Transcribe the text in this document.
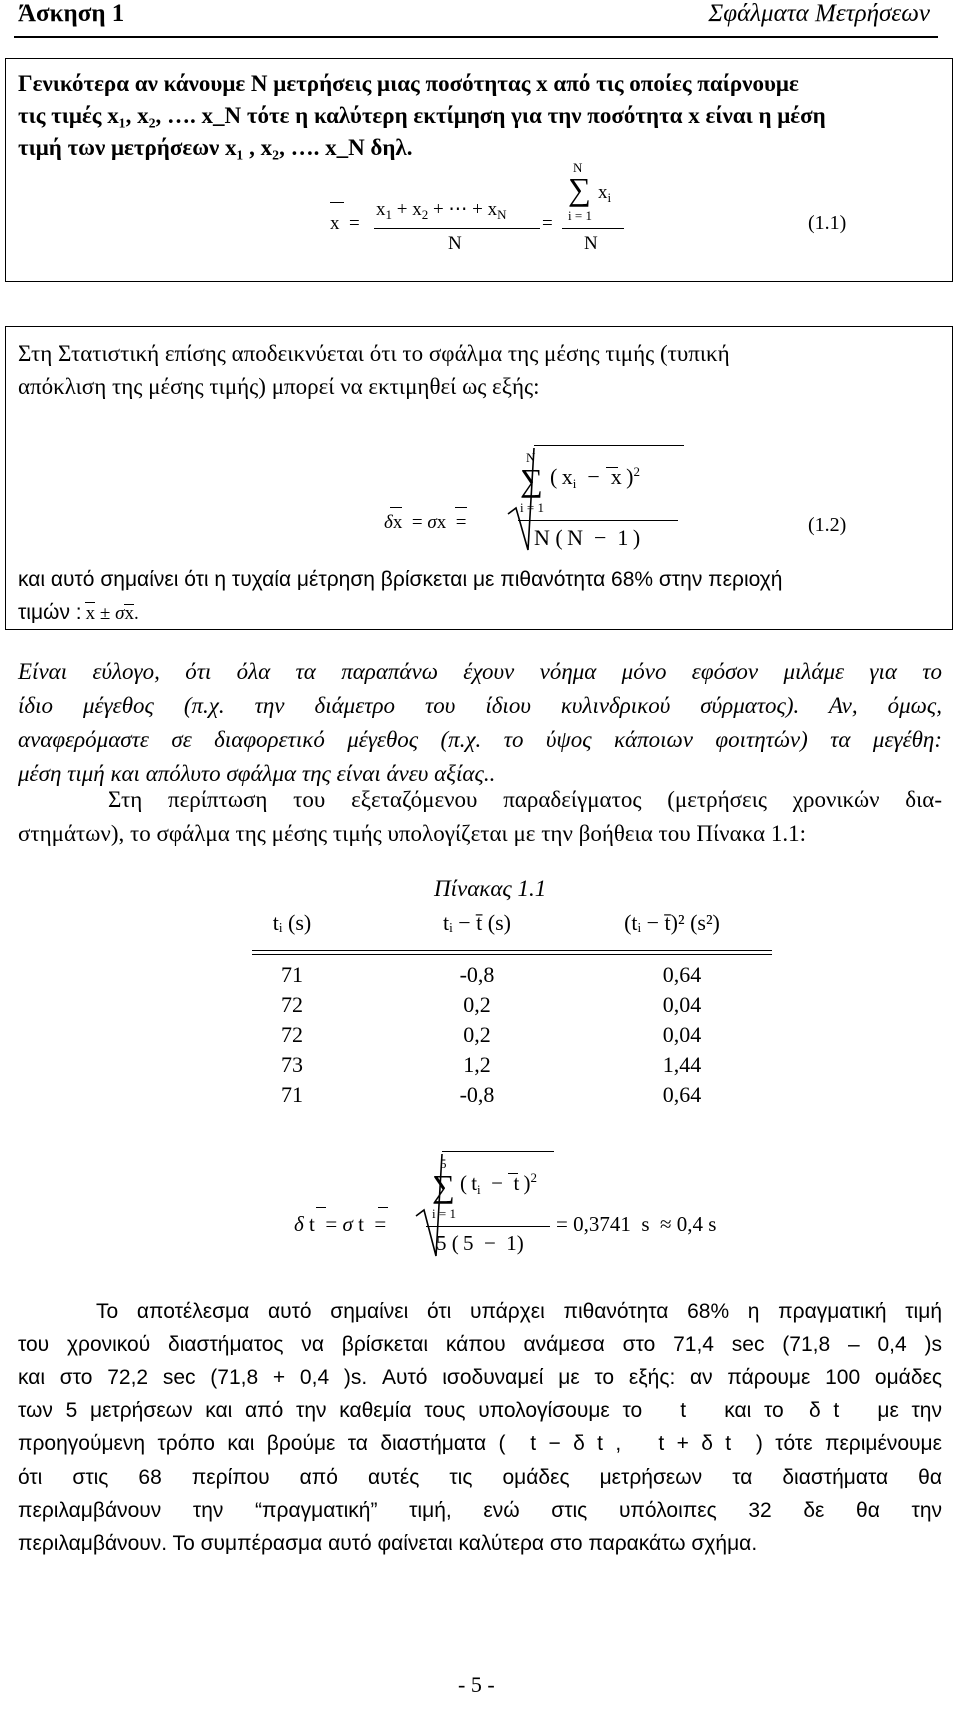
Άσκηση 1	Σφάλματα Μετρήσεων
Γενικότερα αν κάνουμε Ν μετρήσεις μιας ποσότητας x από τις οποίες παίρνουμε
τις τιμές x₁, x₂, …. x_N τότε η καλύτερη εκτίμηση για την ποσότητα x είναι η μέση
τιμή των μετρήσεων x₁ , x₂, …. x_N δηλ.
x  =
$x_1 + x_2$ + ⋯ + $x_N$
N
=
N
∑ $x_i$
i = 1
N
(1.1)
Στη Στατιστική επίσης αποδεικνύεται ότι το σφάλμα της μέσης τιμής (τυπική
απόκλιση της μέσης τιμής) μπορεί να εκτιμηθεί ως εξής:
δx  = σx  =
N
∑ ( $x_i - x$ )$^2$
i = 1
N ( N  −  1 )	(1.2)
και αυτό σημαίνει ότι η τυχαία μέτρηση βρίσκεται με πιθανότητα 68% στην περιοχή
τιμών : x ± σ
x.
Είναι εύλογο, ότι όλα τα παραπάνω έχουν νόημα μόνο εφόσον μιλάμε για το
ίδιο μέγεθος (π.χ. την διάμετρο του ίδιου κυλινδρικού σύρματος). Αν, όμως,
αναφερόμαστε σε διαφορετικό μέγεθος (π.χ. το ύψος κάποιων φοιτητών) τα μεγέθη:
μέση τιμή και απόλυτο σφάλμα της είναι άνευ αξίας..
Στη περίπτωση του εξεταζόμενου παραδείγματος (μετρήσεις χρονικών δια-
στημάτων), το σφάλμα της μέσης τιμής υπολογίζεται με την βοήθεια του Πίνακα 1.1:
Πίνακας 1.1
tᵢ (s)	tᵢ − t̄ (s)	(tᵢ − t̄)² (s²)
71	-0,8	0,64
72	0,2	0,04
72	0,2	0,04
73	1,2	1,44
71	-0,8	0,64
δ t  = σ t  =
5
∑ ( $t_i - t$ )$^2$
i = 1
5 ( 5  −  1)
= 0,3741  s  ≈ 0,4 s
Το αποτέλεσμα αυτό σημαίνει ότι υπάρχει πιθανότητα 68% η πραγματική τιμή
του χρονικού διαστήματος να βρίσκεται κάπου ανάμεσα στο 71,4 sec (71,8 – 0,4 )s
και στο 72,2 sec (71,8 + 0,4 )s. Αυτό ισοδυναμεί με το εξής: αν πάρουμε 100 ομάδες
των 5 μετρήσεων και από την καθεμία τους υπολογίσουμε το   t   και το  δ t   με την
προηγούμενη τρόπο και βρούμε τα διαστήματα (  t − δ t ,   t + δ t  ) τότε περιμένουμε
ότι στις 68 περίπου από αυτές τις ομάδες μετρήσεων τα διαστήματα θα
περιλαμβάνουν την “πραγματική” τιμή, ενώ στις υπόλοιπες 32 δε θα την
περιλαμβάνουν. Το συμπέρασμα αυτό φαίνεται καλύτερα στο παρακάτω σχήμα.
- 5 -
